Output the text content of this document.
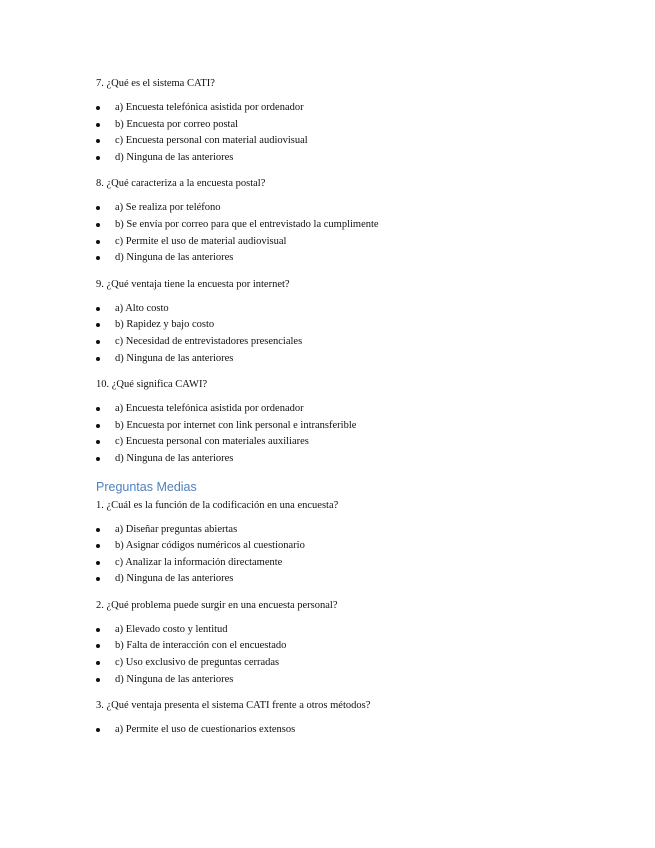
7. ¿Qué es el sistema CATI?
a) Encuesta telefónica asistida por ordenador
b) Encuesta por correo postal
c) Encuesta personal con material audiovisual
d) Ninguna de las anteriores
8. ¿Qué caracteriza a la encuesta postal?
a) Se realiza por teléfono
b) Se envía por correo para que el entrevistado la cumplimente
c) Permite el uso de material audiovisual
d) Ninguna de las anteriores
9. ¿Qué ventaja tiene la encuesta por internet?
a) Alto costo
b) Rapidez y bajo costo
c) Necesidad de entrevistadores presenciales
d) Ninguna de las anteriores
10. ¿Qué significa CAWI?
a) Encuesta telefónica asistida por ordenador
b) Encuesta por internet con link personal e intransferible
c) Encuesta personal con materiales auxiliares
d) Ninguna de las anteriores
Preguntas Medias
1. ¿Cuál es la función de la codificación en una encuesta?
a) Diseñar preguntas abiertas
b) Asignar códigos numéricos al cuestionario
c) Analizar la información directamente
d) Ninguna de las anteriores
2. ¿Qué problema puede surgir en una encuesta personal?
a) Elevado costo y lentitud
b) Falta de interacción con el encuestado
c) Uso exclusivo de preguntas cerradas
d) Ninguna de las anteriores
3. ¿Qué ventaja presenta el sistema CATI frente a otros métodos?
a) Permite el uso de cuestionarios extensos
